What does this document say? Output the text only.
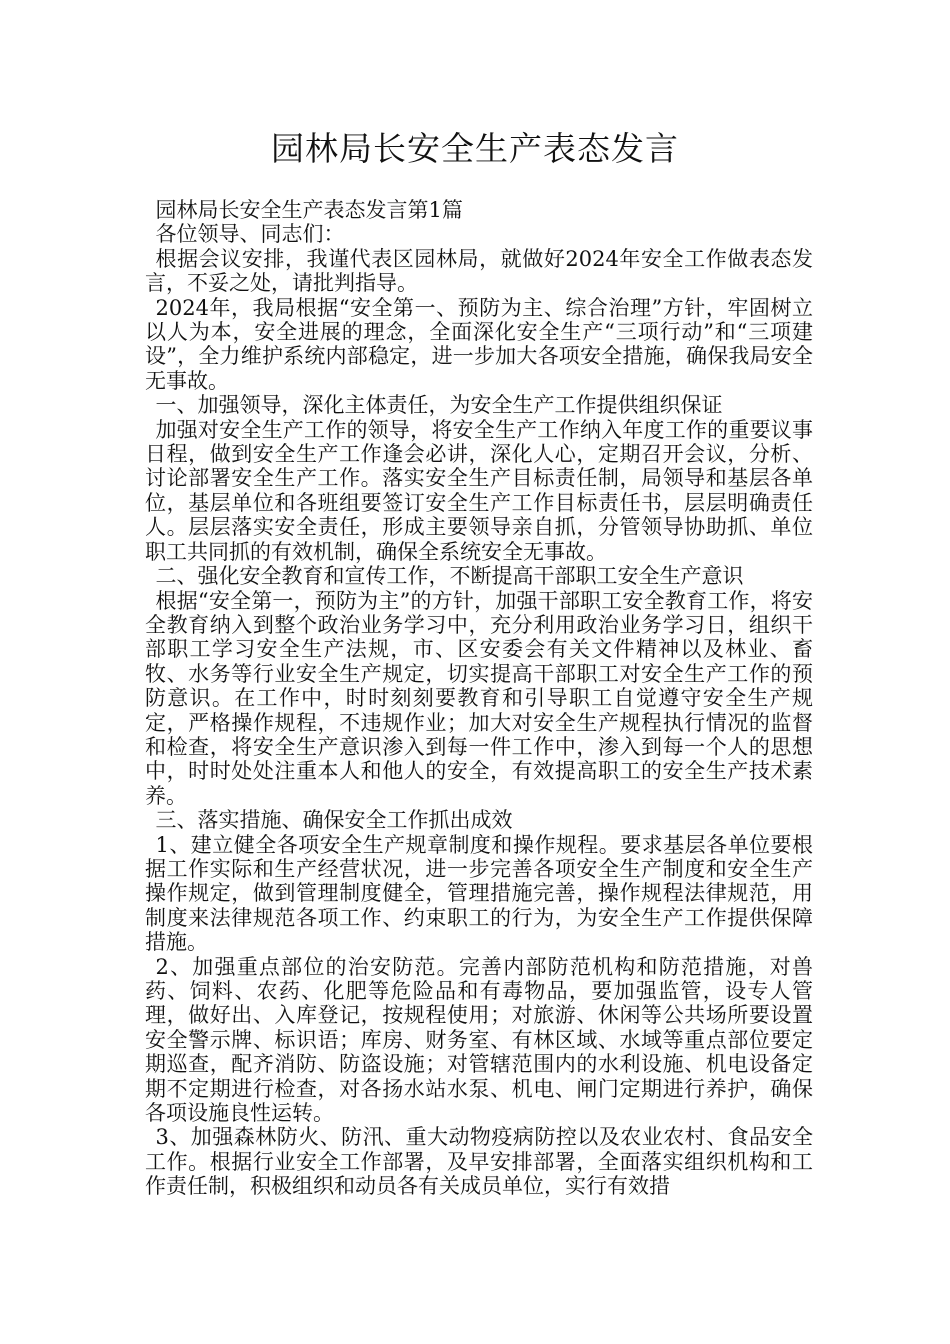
园林局长安全生产表态发言

园林局长安全生产表态发言第1篇

各位领导、同志们：

根据会议安排，我谨代表区园林局，就做好2024年安全工作做表态发言，不妥之处，请批判指导。

2024年，我局根据“安全第一、预防为主、综合治理”方针，牢固树立以人为本，安全进展的理念，全面深化安全生产“三项行动”和“三项建设”，全力维护系统内部稳定，进一步加大各项安全措施，确保我局安全无事故。

一、加强领导，深化主体责任，为安全生产工作提供组织保证

加强对安全生产工作的领导，将安全生产工作纳入年度工作的重要议事日程，做到安全生产工作逢会必讲，深化人心，定期召开会议，分析、讨论部署安全生产工作。落实安全生产目标责任制，局领导和基层各单位，基层单位和各班组要签订安全生产工作目标责任书，层层明确责任人。层层落实安全责任，形成主要领导亲自抓，分管领导协助抓、单位职工共同抓的有效机制，确保全系统安全无事故。

二、强化安全教育和宣传工作，不断提高干部职工安全生产意识

根据“安全第一，预防为主”的方针，加强干部职工安全教育工作，将安全教育纳入到整个政治业务学习中，充分利用政治业务学习日，组织干部职工学习安全生产法规，市、区安委会有关文件精神以及林业、畜牧、水务等行业安全生产规定，切实提高干部职工对安全生产工作的预防意识。在工作中，时时刻刻要教育和引导职工自觉遵守安全生产规定，严格操作规程，不违规作业；加大对安全生产规程执行情况的监督和检查，将安全生产意识渗入到每一件工作中，渗入到每一个人的思想中，时时处处注重本人和他人的安全，有效提高职工的安全生产技术素养。

三、落实措施、确保安全工作抓出成效

1、建立健全各项安全生产规章制度和操作规程。要求基层各单位要根据工作实际和生产经营状况，进一步完善各项安全生产制度和安全生产操作规定，做到管理制度健全，管理措施完善，操作规程法律规范，用制度来法律规范各项工作、约束职工的行为，为安全生产工作提供保障措施。

2、加强重点部位的治安防范。完善内部防范机构和防范措施，对兽药、饲料、农药、化肥等危险品和有毒物品，要加强监管，设专人管理，做好出、入库登记，按规程使用；对旅游、休闲等公共场所要设置安全警示牌、标识语；库房、财务室、有林区域、水域等重点部位要定期巡查，配齐消防、防盗设施；对管辖范围内的水利设施、机电设备定期不定期进行检查，对各扬水站水泵、机电、闸门定期进行养护，确保各项设施良性运转。

3、加强森林防火、防汛、重大动物疫病防控以及农业农村、食品安全工作。根据行业安全工作部署，及早安排部署，全面落实组织机构和工作责任制，积极组织和动员各有关成员单位，实行有效措
